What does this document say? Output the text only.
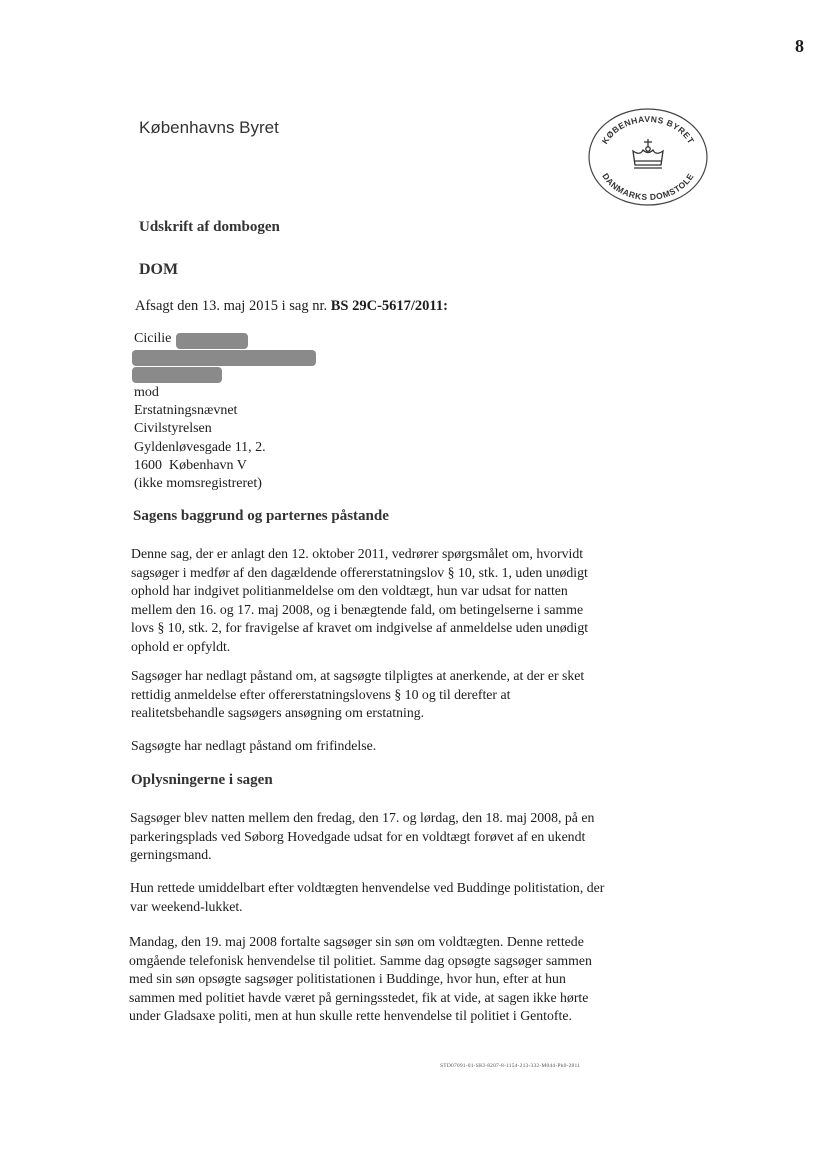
8
Københavns Byret
KØBENHAVNS BYRET
DANMARKS DOMSTOLE
Udskrift af dombogen
DOM
Afsagt den 13. maj 2015 i sag nr. BS 29C-5617/2011:
Cicilie
mod
Erstatningsnævnet
Civilstyrelsen
Gyldenløvesgade 11, 2.
1600  København V
(ikke momsregistreret)
Sagens baggrund og parternes påstande
Denne sag, der er anlagt den 12. oktober 2011, vedrører spørgsmålet om, hvorvidt sagsøger i medfør af den dagældende offererstatningslov § 10, stk. 1, uden unødigt ophold har indgivet politianmeldelse om den voldtægt, hun var udsat for natten mellem den 16. og 17. maj 2008, og i benægtende fald, om betingelserne i samme lovs § 10, stk. 2, for fravigelse af kravet om indgivelse af anmeldelse uden unødigt ophold er opfyldt.
Sagsøger har nedlagt påstand om, at sagsøgte tilpligtes at anerkende, at der er sket rettidig anmeldelse efter offererstatningslovens § 10 og til derefter at realitetsbehandle sagsøgers ansøgning om erstatning.
Sagsøgte har nedlagt påstand om frifindelse.
Oplysningerne i sagen
Sagsøger blev natten mellem den fredag, den 17. og lørdag, den 18. maj 2008, på en parkeringsplads ved Søborg Hovedgade udsat for en voldtægt forøvet af en ukendt gerningsmand.
Hun rettede umiddelbart efter voldtægten henvendelse ved Buddinge politistation, der var weekend-lukket.
Mandag, den 19. maj 2008 fortalte sagsøger sin søn om voldtægten. Denne rettede omgående telefonisk henvendelse til politiet. Samme dag opsøgte sagsøger sammen med sin søn opsøgte sagsøger politistationen i Buddinge, hvor hun, efter at hun sammen med politiet havde været på gerningsstedet, fik at vide, at sagen ikke hørte under Gladsaxe politi, men at hun skulle rette henvendelse til politiet i Gentofte.
STD07091-01-SKI-8207-8-1154-213-332-M044-Pk0-2811
